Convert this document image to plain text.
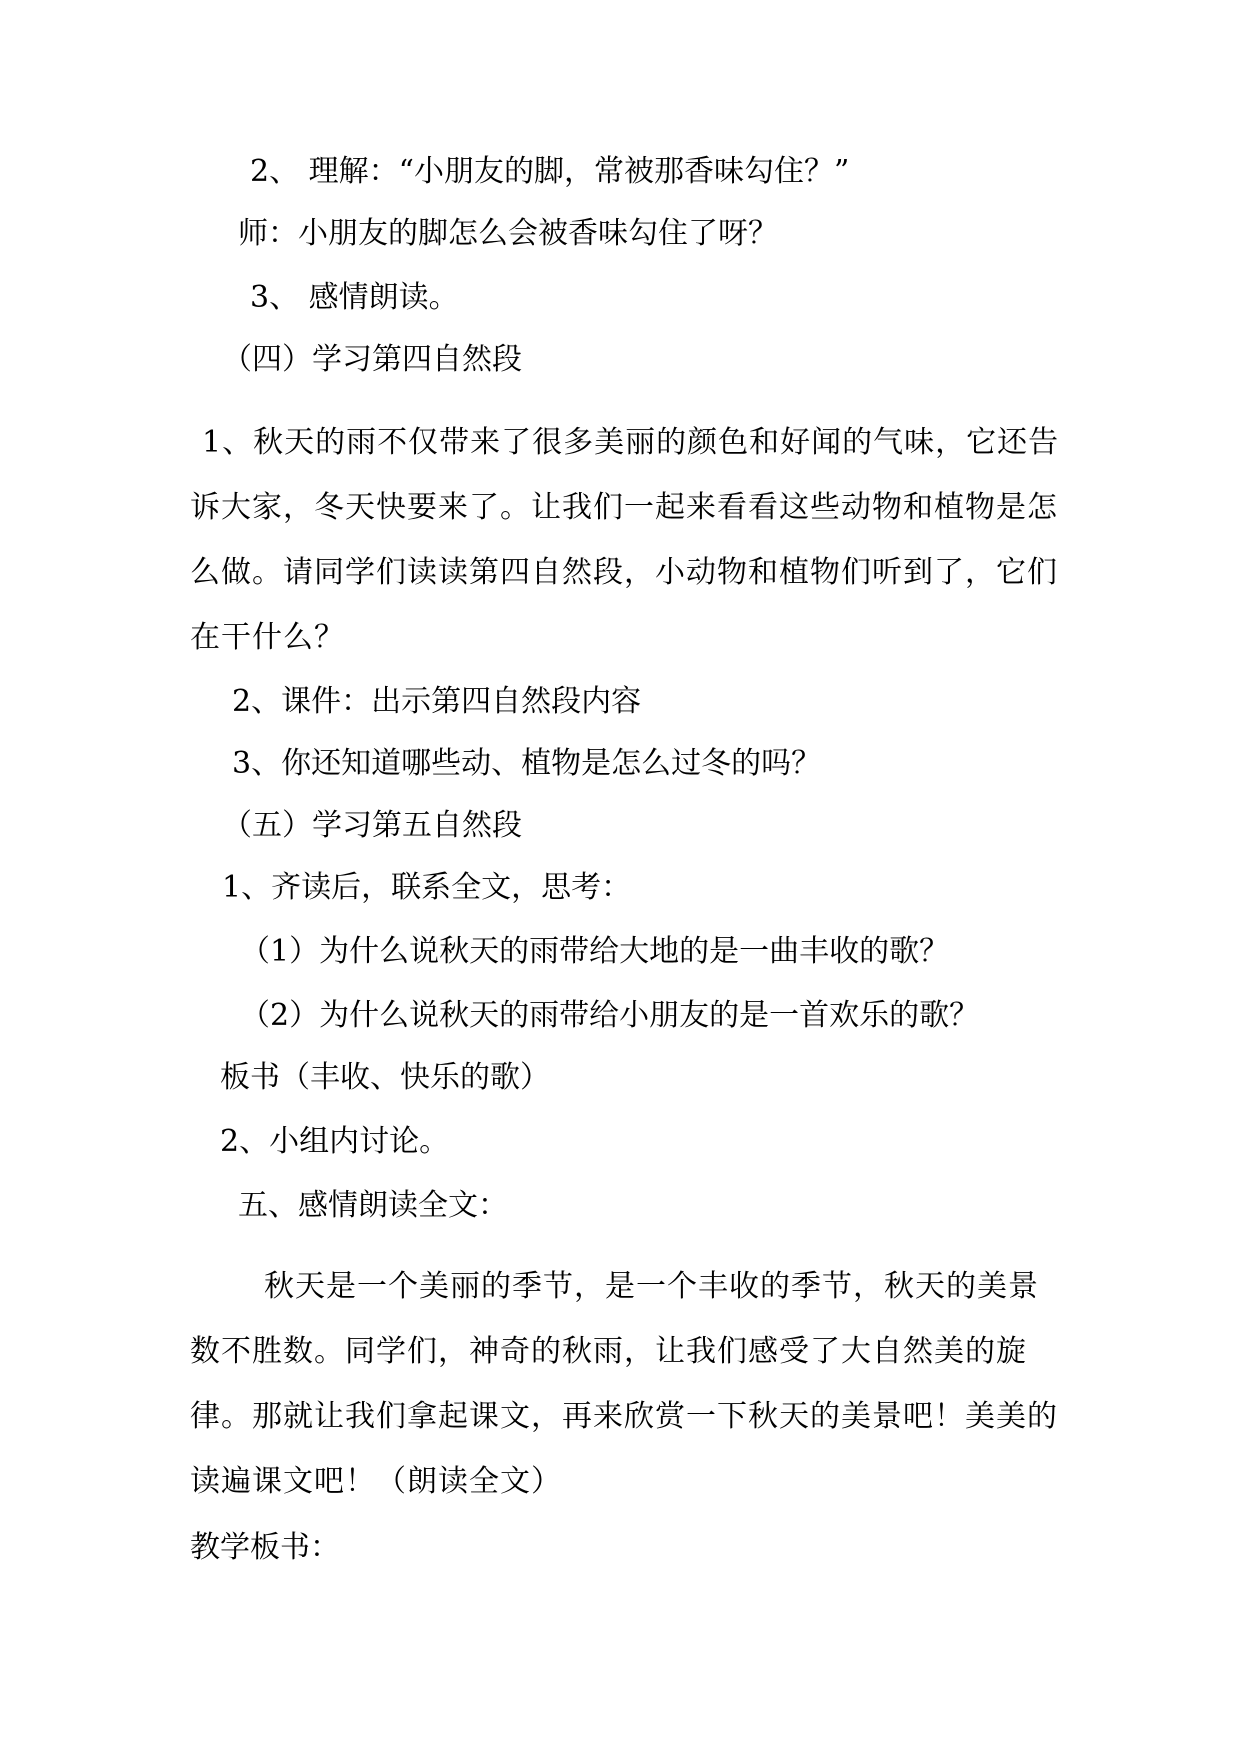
2、 理解：“小朋友的脚，常被那香味勾住？”
师：小朋友的脚怎么会被香味勾住了呀？
3、 感情朗读。
（四）学习第四自然段
1、秋天的雨不仅带来了很多美丽的颜色和好闻的气味，它还告诉大家，冬天快要来了。让我们一起来看看这些动物和植物是怎么做。请同学们读读第四自然段，小动物和植物们听到了，它们在干什么？
2、课件：出示第四自然段内容
3、你还知道哪些动、植物是怎么过冬的吗？
（五）学习第五自然段
1、齐读后，联系全文，思考：
（1）为什么说秋天的雨带给大地的是一曲丰收的歌？
（2）为什么说秋天的雨带给小朋友的是一首欢乐的歌？
板书（丰收、快乐的歌）
2、小组内讨论。
五、感情朗读全文：
秋天是一个美丽的季节，是一个丰收的季节，秋天的美景数不胜数。同学们，神奇的秋雨，让我们感受了大自然美的旋律。那就让我们拿起课文，再来欣赏一下秋天的美景吧！美美的读遍课文吧！（朗读全文）
教学板书：
